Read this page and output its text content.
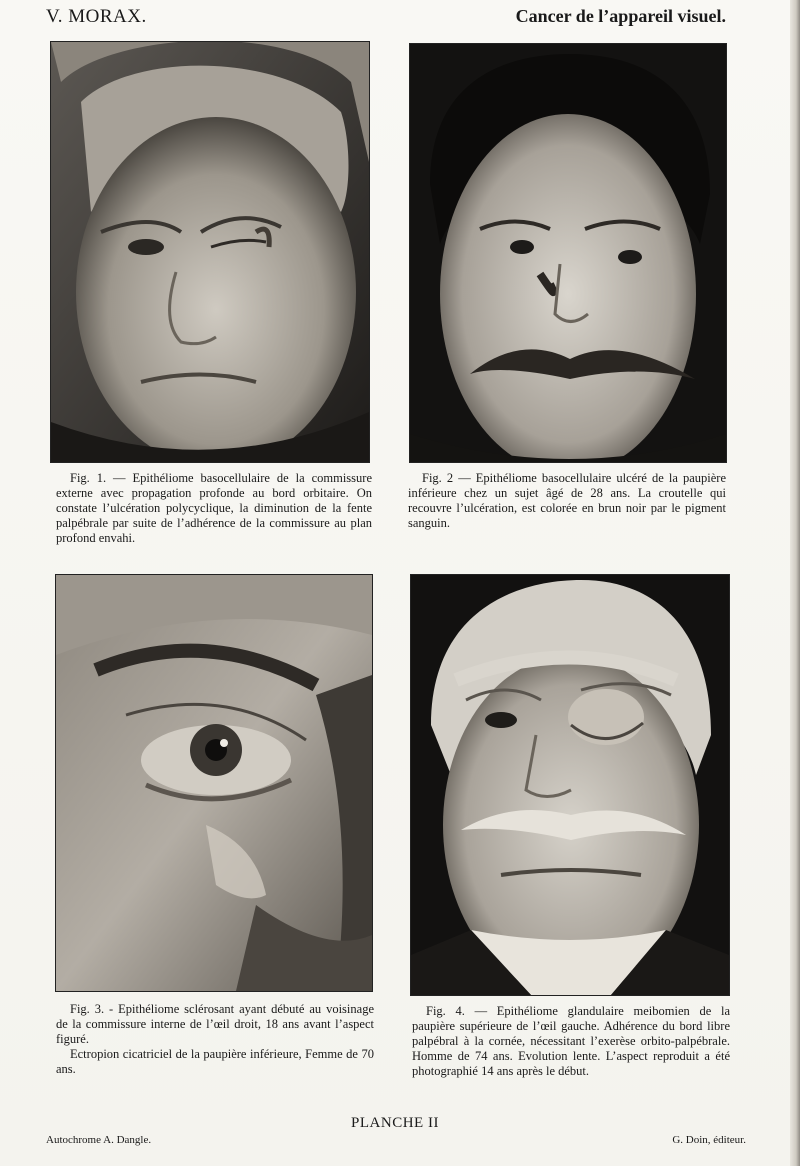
V. MORAX.	Cancer de l’appareil visuel.

Fig. 1. — Epithéliome basocellulaire de la commissure externe avec propagation profonde au bord orbitaire. On constate l’ulcération polycyclique, la diminution de la fente palpébrale par suite de l’adhérence de la commissure au plan profond envahi.

Fig. 2 — Epithéliome basocellulaire ulcéré de la paupière inférieure chez un sujet âgé de 28 ans. La croutelle qui recouvre l’ulcération, est colorée en brun noir par le pigment sanguin.

Fig. 3. - Epithéliome sclérosant ayant débuté au voisinage de la commissure interne de l’œil droit, 18 ans avant l’aspect figuré.

Ectropion cicatriciel de la paupière inférieure, Femme de 70 ans.

Fig. 4. — Epithéliome glandulaire meibomien de la paupière supérieure de l’œil gauche. Adhérence du bord libre palpébral à la cornée, nécessitant l’exerèse orbito-palpébrale. Homme de 74 ans. Evolution lente. L’aspect reproduit a été photographié 14 ans après le début.

PLANCHE II
Autochrome A. Dangle.	G. Doin, éditeur.
